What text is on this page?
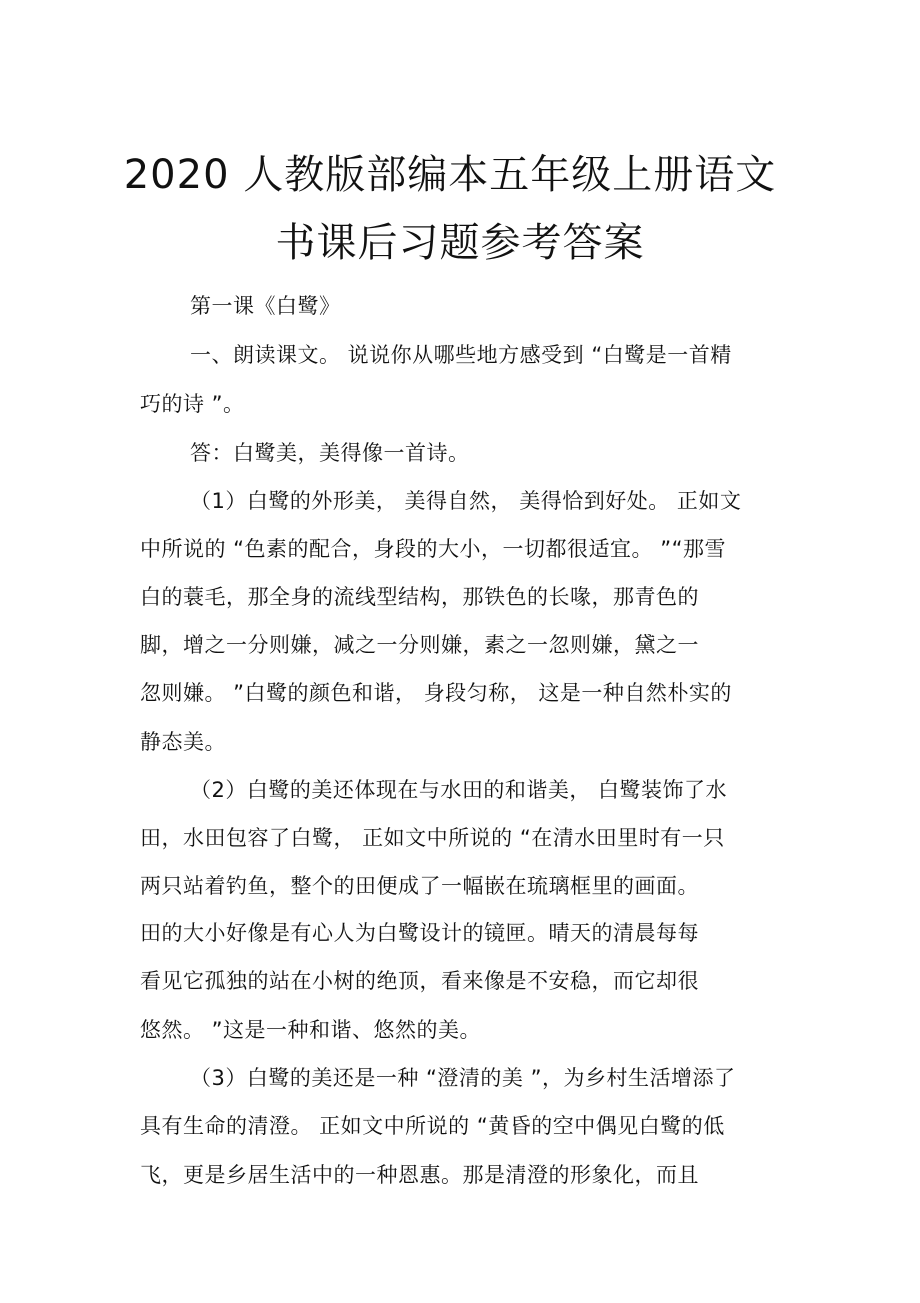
2020 人教版部编本五年级上册语文
书课后习题参考答案
第一课《白鹭》
一、朗读课文。 说说你从哪些地方感受到 “白鹭是一首精
巧的诗 ”。
答：白鹭美，美得像一首诗。
（1）白鹭的外形美， 美得自然， 美得恰到好处。 正如文
中所说的 “色素的配合，身段的大小，一切都很适宜。 ”“那雪
白的蓑毛，那全身的流线型结构，那铁色的长喙，那青色的
脚，增之一分则嫌，减之一分则嫌，素之一忽则嫌，黛之一
忽则嫌。 ”白鹭的颜色和谐， 身段匀称， 这是一种自然朴实的
静态美。
（2）白鹭的美还体现在与水田的和谐美， 白鹭装饰了水
田，水田包容了白鹭， 正如文中所说的 “在清水田里时有一只
两只站着钓鱼，整个的田便成了一幅嵌在琉璃框里的画面。
田的大小好像是有心人为白鹭设计的镜匣。晴天的清晨每每
看见它孤独的站在小树的绝顶，看来像是不安稳，而它却很
悠然。 ”这是一种和谐、悠然的美。
（3）白鹭的美还是一种 “澄清的美 ”，为乡村生活增添了
具有生命的清澄。 正如文中所说的 “黄昏的空中偶见白鹭的低
飞，更是乡居生活中的一种恩惠。那是清澄的形象化，而且
